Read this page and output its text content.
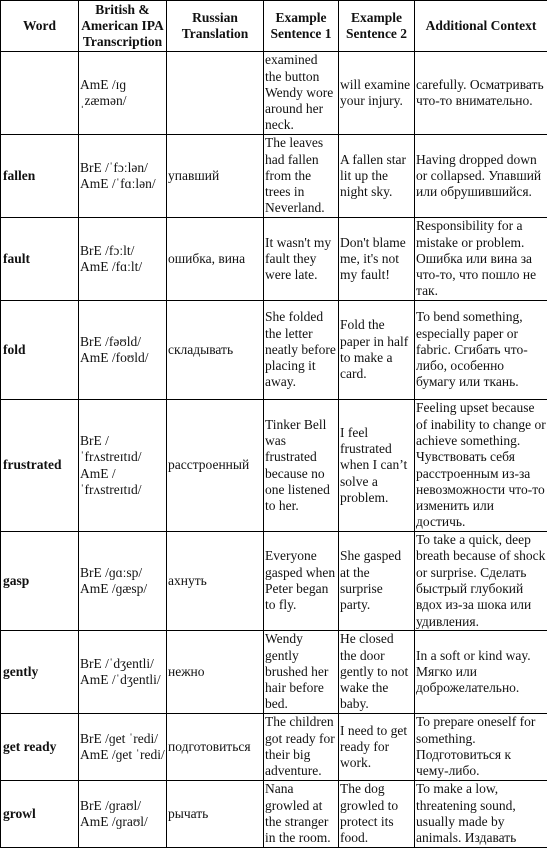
Word	British & American IPA Transcription	Russian Translation	Example Sentence 1	Example Sentence 2	Additional Context
	AmE /ɪɡ ˌzæmən/		examined the button Wendy wore around her neck.	will examine your injury.	carefully. Осматривать что-то внимательно.
fallen	BrE /ˈfɔːlən/ AmE /ˈfɑːlən/	упавший	The leaves had fallen from the trees in Neverland.	A fallen star lit up the night sky.	Having dropped down or collapsed. Упавший или обрушившийся.
fault	BrE /fɔːlt/ AmE /fɑːlt/	ошибка, вина	It wasn't my fault they were late.	Don't blame me, it's not my fault!	Responsibility for a mistake or problem. Ошибка или вина за что-то, что пошло не так.
fold	BrE /fəʊld/ AmE /foʊld/	складывать	She folded the letter neatly before placing it away.	Fold the paper in half to make a card.	To bend something, especially paper or fabric. Сгибать что-либо, особенно бумагу или ткань.
frustrated	BrE /ˈfrʌstreɪtɪd/ AmE /ˈfrʌstreɪtɪd/	расстроенный	Tinker Bell was frustrated because no one listened to her.	I feel frustrated when I can’t solve a problem.	Feeling upset because of inability to change or achieve something. Чувствовать себя расстроенным из-за невозможности что-то изменить или достичь.
gasp	BrE /ɡɑːsp/ AmE /ɡæsp/	ахнуть	Everyone gasped when Peter began to fly.	She gasped at the surprise party.	To take a quick, deep breath because of shock or surprise. Сделать быстрый глубокий вдох из-за шока или удивления.
gently	BrE /ˈdʒentli/ AmE /ˈdʒentli/	нежно	Wendy gently brushed her hair before bed.	He closed the door gently to not wake the baby.	In a soft or kind way. Мягко или доброжелательно.
get ready	BrE /ɡet ˈredi/ AmE /ɡet ˈredi/	подготовиться	The children got ready for their big adventure.	I need to get ready for work.	To prepare oneself for something. Подготовиться к чему-либо.
growl	BrE /ɡraʊl/ AmE /ɡraʊl/	рычать	Nana growled at the stranger in the room.	The dog growled to protect its food.	To make a low, threatening sound, usually made by animals. Издавать
